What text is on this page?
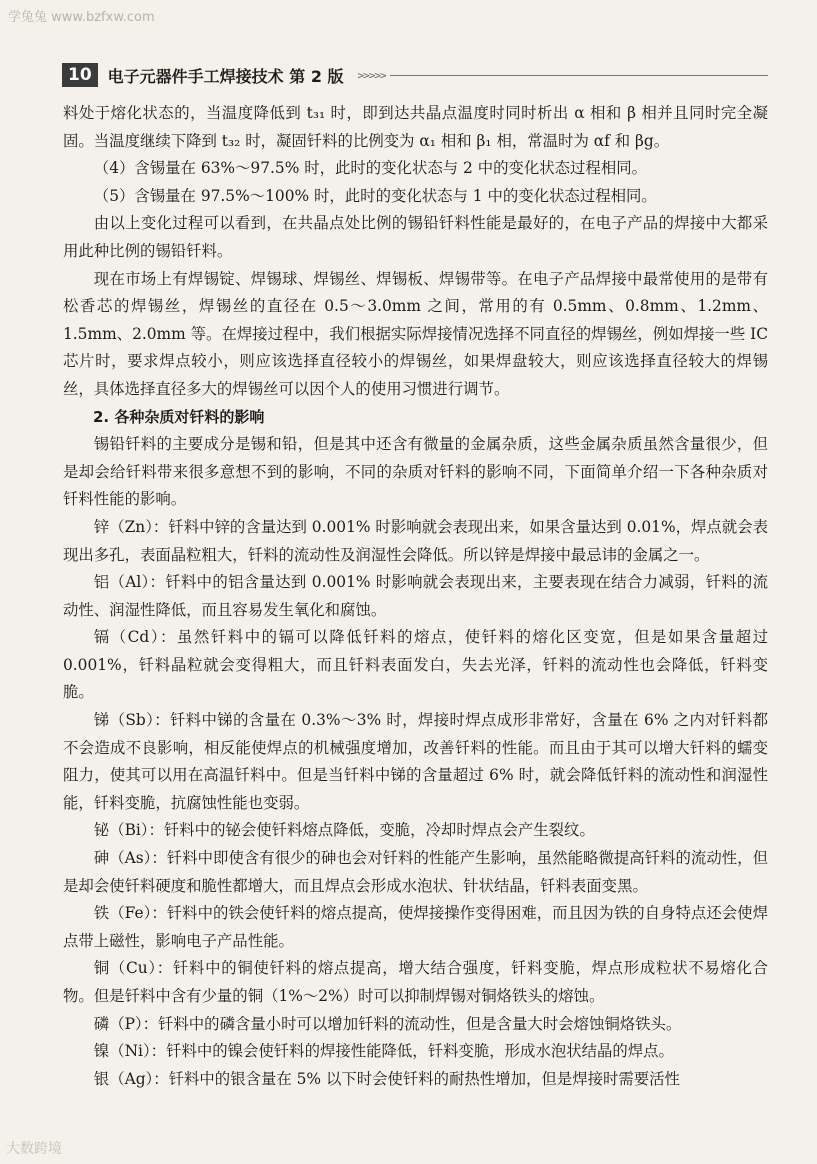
学兔兔 www.bzfxw.com
10	电子元器件手工焊接技术 第 2 版 >>>>>

料处于熔化状态的，当温度降低到 t₃₁ 时，即到达共晶点温度时同时析出 α 相和 β 相并且同时完全凝固。当温度继续下降到 t₃₂ 时，凝固钎料的比例变为 α₁ 相和 β₁ 相，常温时为 αf 和 βg。

（4）含锡量在 63%～97.5% 时，此时的变化状态与 2 中的变化状态过程相同。

（5）含锡量在 97.5%～100% 时，此时的变化状态与 1 中的变化状态过程相同。

由以上变化过程可以看到，在共晶点处比例的锡铅钎料性能是最好的，在电子产品的焊接中大都采用此种比例的锡铅钎料。

现在市场上有焊锡锭、焊锡球、焊锡丝、焊锡板、焊锡带等。在电子产品焊接中最常使用的是带有松香芯的焊锡丝，焊锡丝的直径在 0.5～3.0mm 之间，常用的有 0.5mm、0.8mm、1.2mm、1.5mm、2.0mm 等。在焊接过程中，我们根据实际焊接情况选择不同直径的焊锡丝，例如焊接一些 IC 芯片时，要求焊点较小，则应该选择直径较小的焊锡丝，如果焊盘较大，则应该选择直径较大的焊锡丝，具体选择直径多大的焊锡丝可以因个人的使用习惯进行调节。

2. 各种杂质对钎料的影响

锡铅钎料的主要成分是锡和铅，但是其中还含有微量的金属杂质，这些金属杂质虽然含量很少，但是却会给钎料带来很多意想不到的影响，不同的杂质对钎料的影响不同，下面简单介绍一下各种杂质对钎料性能的影响。

锌（Zn）：钎料中锌的含量达到 0.001% 时影响就会表现出来，如果含量达到 0.01%，焊点就会表现出多孔，表面晶粒粗大，钎料的流动性及润湿性会降低。所以锌是焊接中最忌讳的金属之一。

铝（Al）：钎料中的铝含量达到 0.001% 时影响就会表现出来，主要表现在结合力减弱，钎料的流动性、润湿性降低，而且容易发生氧化和腐蚀。

镉（Cd）：虽然钎料中的镉可以降低钎料的熔点，使钎料的熔化区变宽，但是如果含量超过 0.001%，钎料晶粒就会变得粗大，而且钎料表面发白，失去光泽，钎料的流动性也会降低，钎料变脆。

锑（Sb）：钎料中锑的含量在 0.3%～3% 时，焊接时焊点成形非常好，含量在 6% 之内对钎料都不会造成不良影响，相反能使焊点的机械强度增加，改善钎料的性能。而且由于其可以增大钎料的蠕变阻力，使其可以用在高温钎料中。但是当钎料中锑的含量超过 6% 时，就会降低钎料的流动性和润湿性能，钎料变脆，抗腐蚀性能也变弱。

铋（Bi）：钎料中的铋会使钎料熔点降低，变脆，冷却时焊点会产生裂纹。

砷（As）：钎料中即使含有很少的砷也会对钎料的性能产生影响，虽然能略微提高钎料的流动性，但是却会使钎料硬度和脆性都增大，而且焊点会形成水泡状、针状结晶，钎料表面变黑。

铁（Fe）：钎料中的铁会使钎料的熔点提高，使焊接操作变得困难，而且因为铁的自身特点还会使焊点带上磁性，影响电子产品性能。

铜（Cu）：钎料中的铜使钎料的熔点提高，增大结合强度，钎料变脆，焊点形成粒状不易熔化合物。但是钎料中含有少量的铜（1%～2%）时可以抑制焊锡对铜烙铁头的熔蚀。

磷（P）：钎料中的磷含量小时可以增加钎料的流动性，但是含量大时会熔蚀铜烙铁头。

镍（Ni）：钎料中的镍会使钎料的焊接性能降低，钎料变脆，形成水泡状结晶的焊点。

银（Ag）：钎料中的银含量在 5% 以下时会使钎料的耐热性增加，但是焊接时需要活性

大数跨境
